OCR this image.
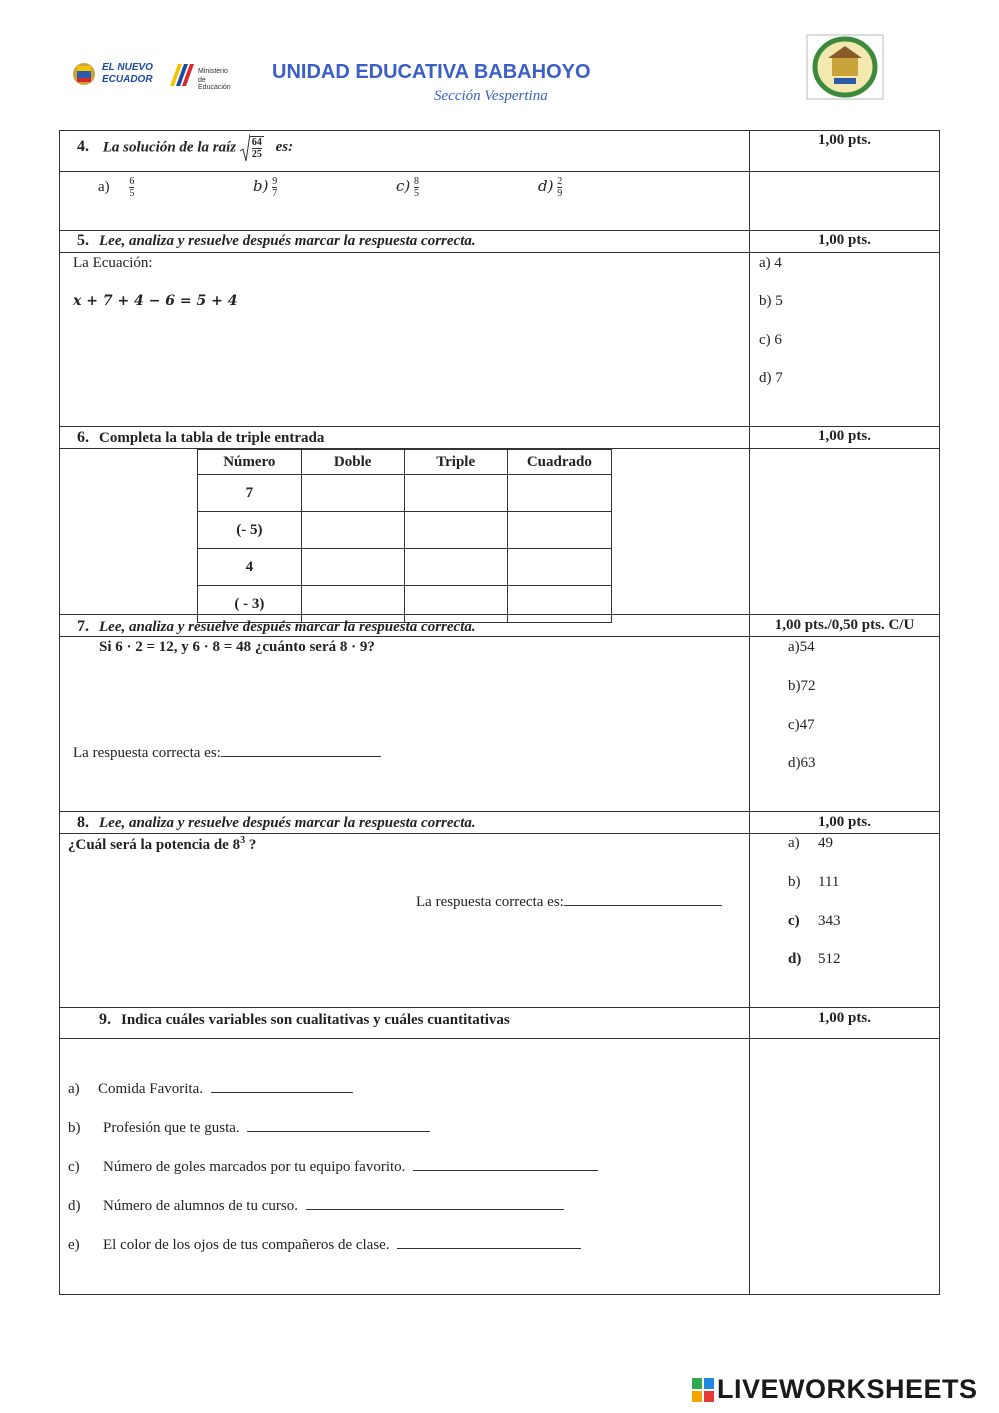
EL NUEVO ECUADOR
Ministerio
de Educación
UNIDAD EDUCATIVA BABAHOYO
Sección Vespertina
4. La solución de la raíz $\frac{64}{25}$ es:	1,00 pts.
$a) \frac{6}{5}$	$b) \frac{9}{7}$	$c) \frac{8}{5}$	$d) \frac{2}{9}$
5. Lee, analiza y resuelve después marcar la respuesta correcta.	1,00 pts.
La Ecuación:
x + 7 + 4 − 6 = 5 + 4
a) 4
b) 5
c) 6
d) 7
6. Completa la tabla de triple entrada	1,00 pts.
Número	Doble	Triple	Cuadrado
7			
(- 5)			
4			
( - 3)			
7. Lee, analiza y resuelve después marcar la respuesta correcta.	1,00 pts./0,50 pts. C/U
Si 6 · 2 = 12, y 6 · 8 = 48 ¿cuánto será 8 · 9?
La respuesta correcta es:
a)54
b)72
c)47
d)63
8. Lee, analiza y resuelve después marcar la respuesta correcta.	1,00 pts.
¿Cuál será la potencia de $8^3$ ?
La respuesta correcta es:
a) 49
b) 111
c) 343
d) 512
9. Indica cuáles variables son cualitativas y cuáles cuantitativas	1,00 pts.
a) Comida Favorita.
b) Profesión que te gusta.
c) Número de goles marcados por tu equipo favorito.
d) Número de alumnos de tu curso.
e) El color de los ojos de tus compañeros de clase.
LIVEWORKSHEETS
